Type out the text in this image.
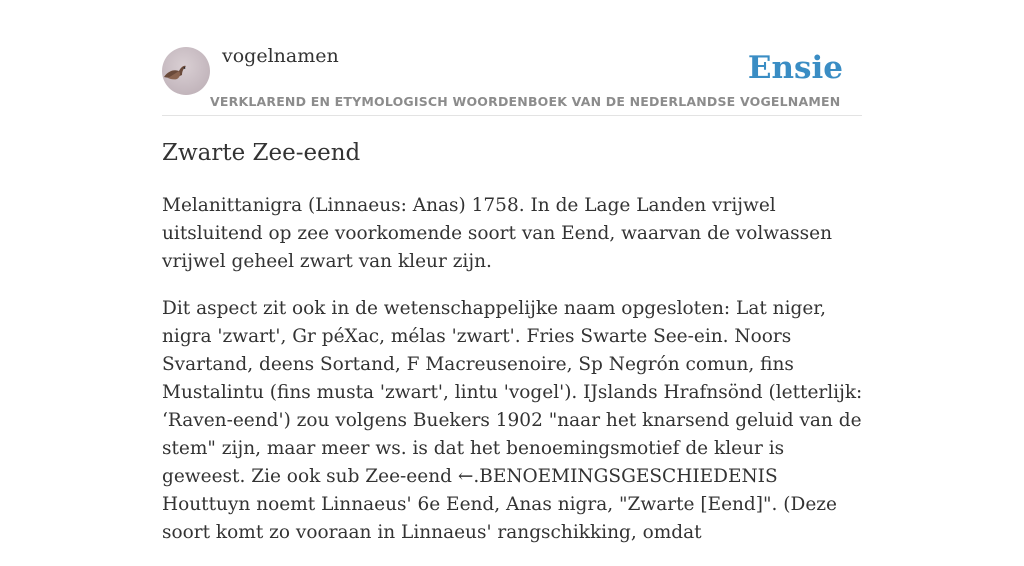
vogelnamen
VERKLAREND EN ETYMOLOGISCH WOORDENBOEK VAN DE NEDERLANDSE VOGELNAMEN
Ensie
Zwarte Zee-eend

Melanittanigra (Linnaeus: Anas) 1758. In de Lage Landen vrijwel uitsluitend op zee voorkomende soort van Eend, waarvan de volwassen vrijwel geheel zwart van kleur zijn.

Dit aspect zit ook in de wetenschappelijke naam opgesloten: Lat niger, nigra 'zwart', Gr péXac, mélas 'zwart'. Fries Swarte See-ein. Noors Svartand, deens Sortand, F Macreusenoire, Sp Negrón comun, fins Mustalintu (fins musta 'zwart', lintu 'vogel'). IJslands Hrafnsönd (letterlijk: ‘Raven-eend') zou volgens Buekers 1902 "naar het knarsend geluid van de stem" zijn, maar meer ws. is dat het benoemingsmotief de kleur is geweest. Zie ook sub Zee-eend ←.BENOEMINGSGESCHIEDENIS Houttuyn noemt Linnaeus' 6e Eend, Anas nigra, "Zwarte [Eend]". (Deze soort komt zo vooraan in Linnaeus' rangschikking, omdat
